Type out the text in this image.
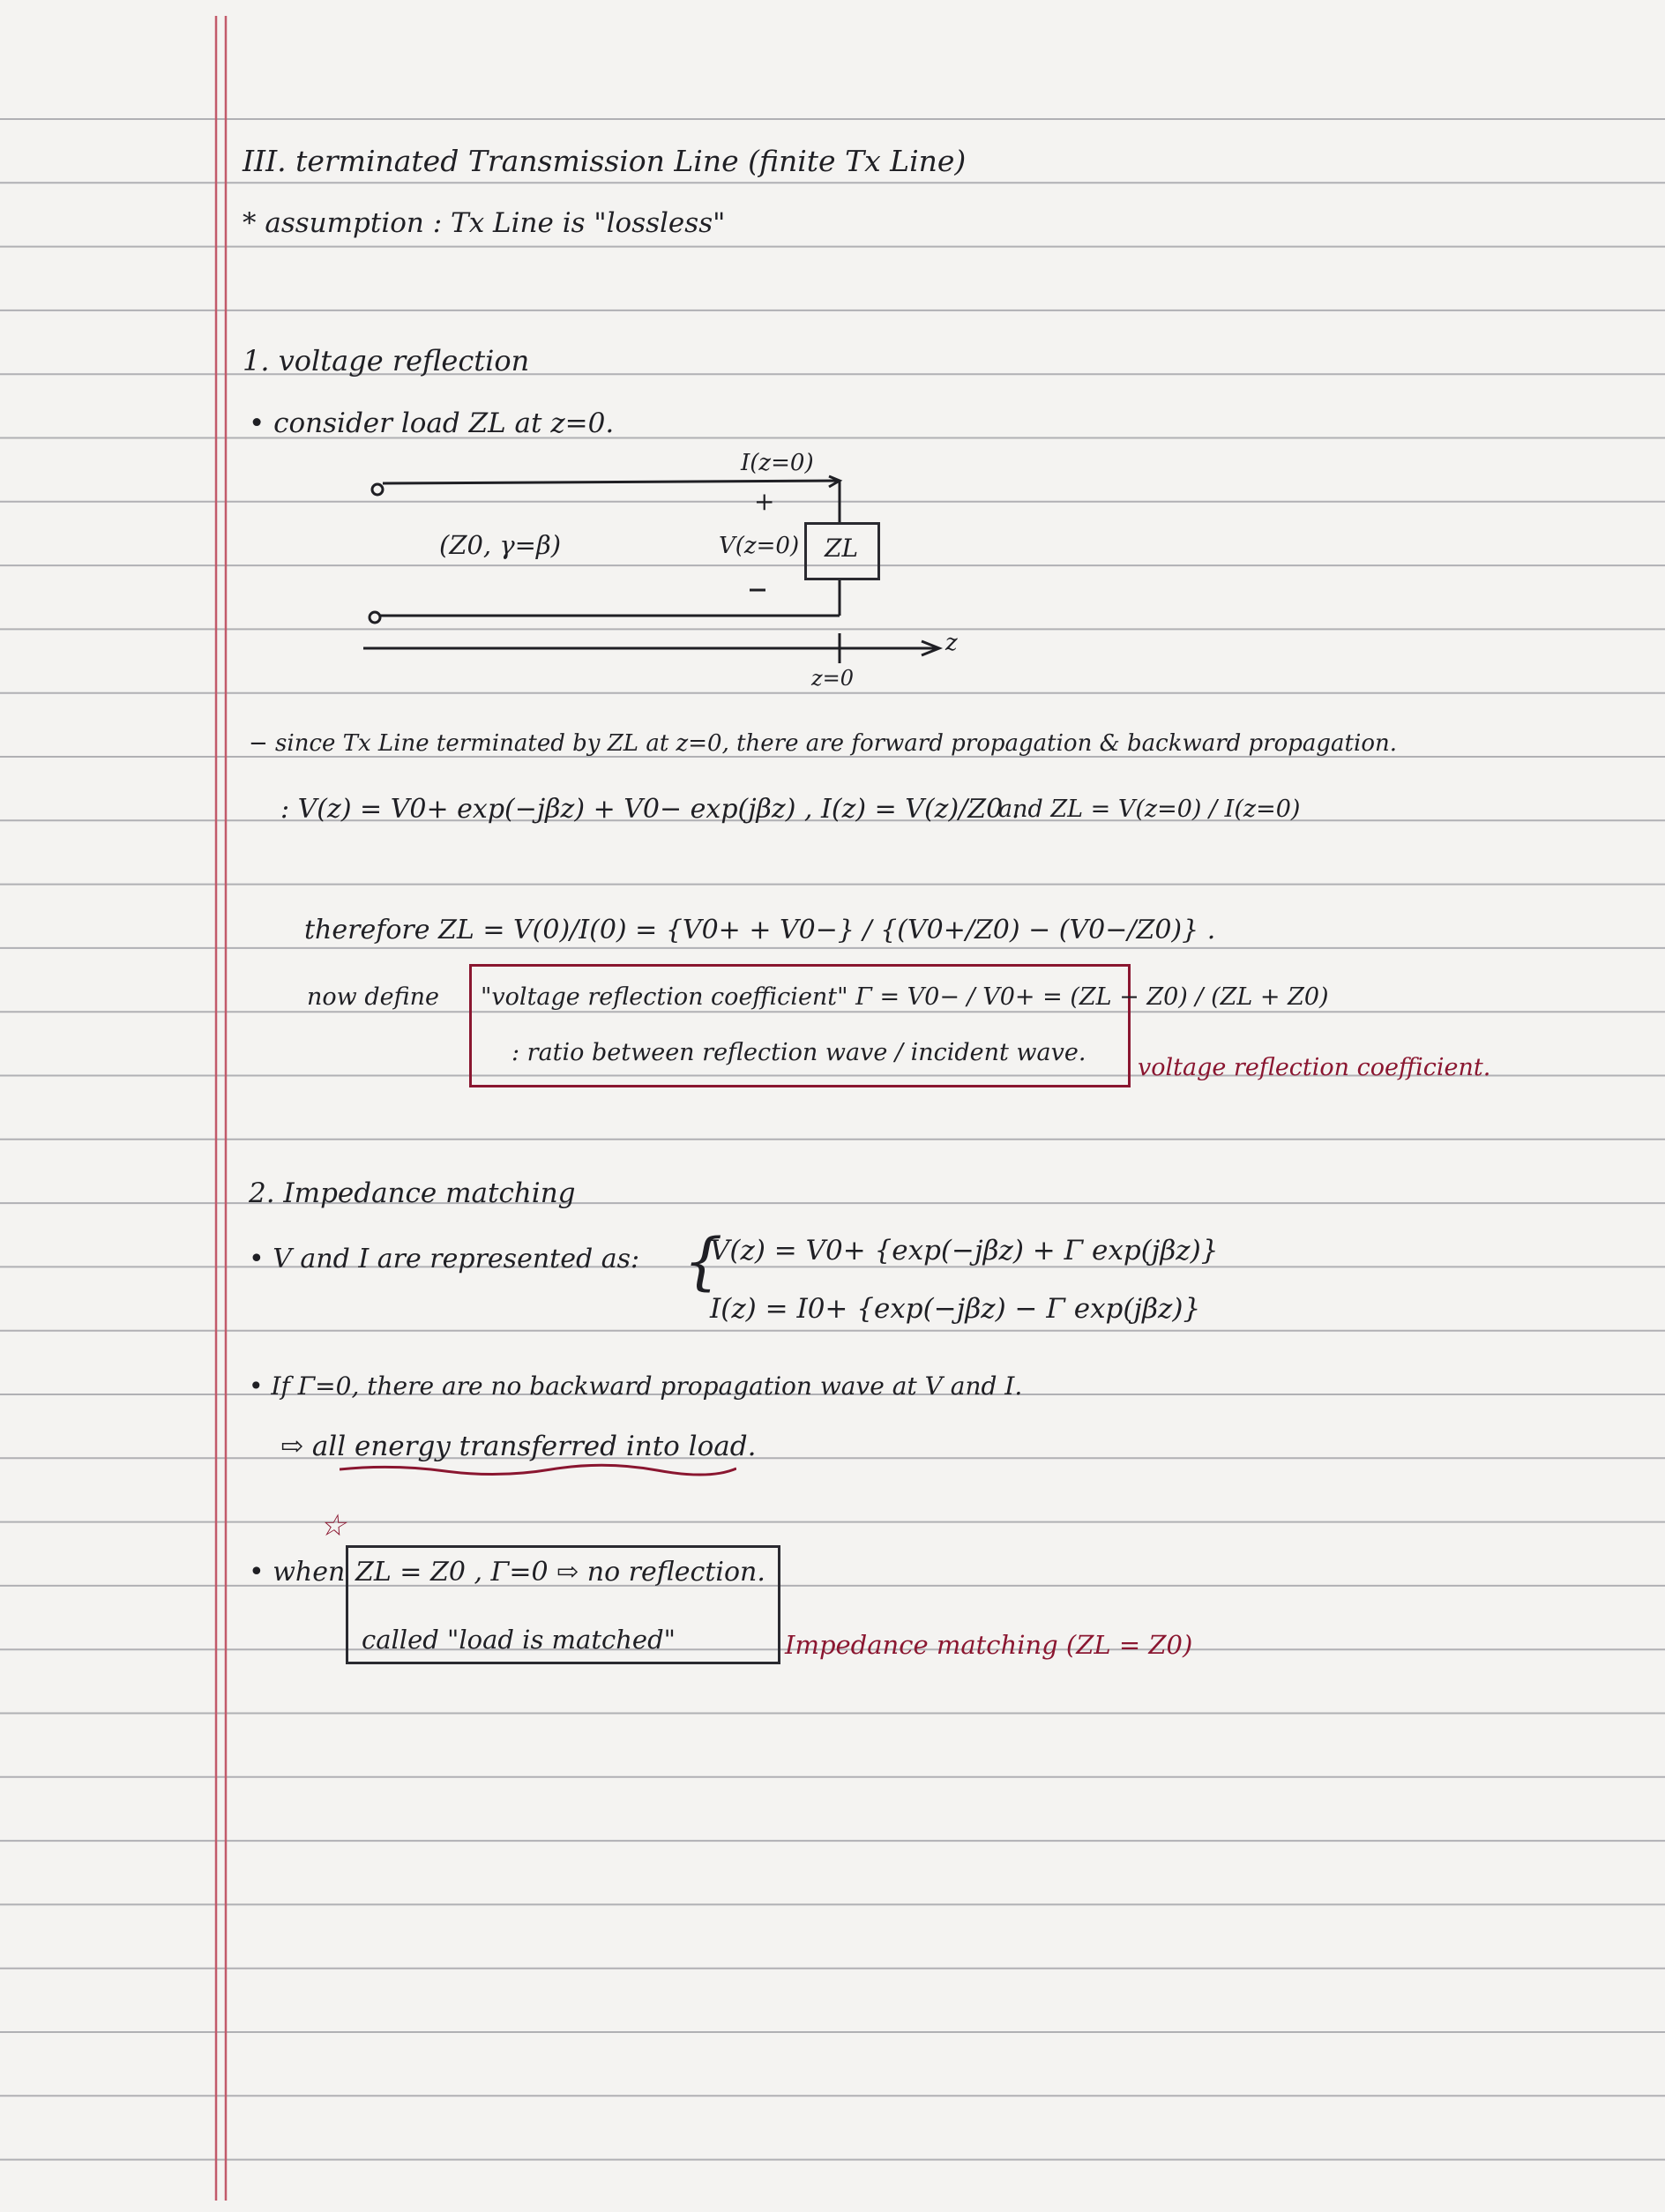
III. terminated Transmission Line (finite Tx Line)
* assumption : Tx Line is "lossless"
1. voltage reflection
• consider load ZL at z=0.
I(z=0)
+
V(z=0) ZL
(Z0, γ=β)
z
z=0
− since Tx Line terminated by ZL at z=0, there are forward propagation & backward propagation.
: V(z) = V0+ exp(−jβz) + V0− exp(jβz) , I(z) = V(z)/Z0 .
and ZL = V(z=0) / I(z=0)
therefore ZL = V(0)/I(0) = {V0+ + V0−} / {(V0+/Z0) − (V0−/Z0)} .
now define "voltage reflection coefficient" Γ = V0− / V0+ = (ZL − Z0) / (ZL + Z0)
: ratio between reflection wave / incident wave.
voltage reflection coefficient.
2. Impedance matching
• V and I are represented as: {
V(z) = V0+ {exp(−jβz) + Γ exp(jβz)}
I(z) = I0+ {exp(−jβz) − Γ exp(jβz)}
• If Γ=0, there are no backward propagation wave at V and I.
⇨ all energy transferred into load.
☆
• when ZL = Z0 , Γ=0 ⇨ no reflection.
called "load is matched"	Impedance matching (ZL = Z0)
